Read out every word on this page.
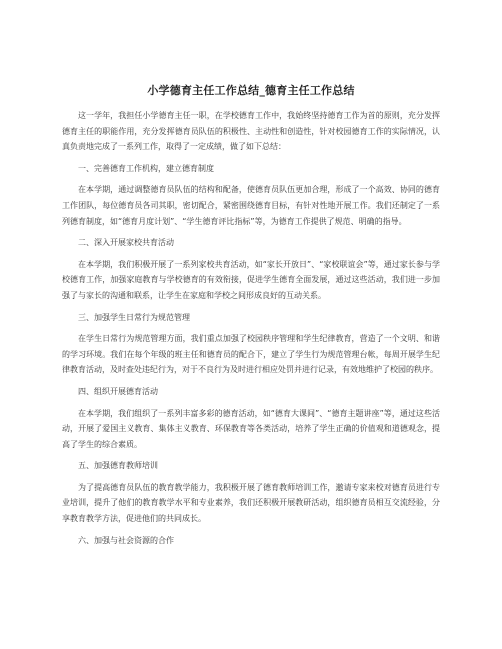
小学德育主任工作总结_德育主任工作总结

这一学年，我担任小学德育主任一职，在学校德育工作中，我始终坚持德育工作为首的原则，充分发挥德育主任的职能作用，充分发挥德育员队伍的积极性、主动性和创造性，针对校园德育工作的实际情况，认真负责地完成了一系列工作，取得了一定成绩，做了如下总结：

一、完善德育工作机构，建立德育制度

在本学期，通过调整德育员队伍的结构和配备，使德育员队伍更加合理，形成了一个高效、协同的德育工作团队，每位德育员各司其职，密切配合，紧密围绕德育目标，有针对性地开展工作。我们还制定了一系列德育制度，如“德育月度计划”、“学生德育评比指标”等，为德育工作提供了规范、明确的指导。

二、深入开展家校共育活动

在本学期，我们积极开展了一系列家校共育活动，如“家长开放日”、“家校联谊会”等，通过家长参与学校德育工作，加强家庭教育与学校德育的有效衔接，促进学生德育全面发展，通过这些活动，我们进一步加强了与家长的沟通和联系，让学生在家庭和学校之间形成良好的互动关系。

三、加强学生日常行为规范管理

在学生日常行为规范管理方面，我们重点加强了校园秩序管理和学生纪律教育，营造了一个文明、和谐的学习环境。我们在每个年级的班主任和德育员的配合下，建立了学生行为规范管理台帐，每周开展学生纪律教育活动，及时查处违纪行为，对于不良行为及时进行相应处罚并进行记录，有效地维护了校园的秩序。

四、组织开展德育活动

在本学期，我们组织了一系列丰富多彩的德育活动，如“德育大课间”、“德育主题讲座”等，通过这些活动，开展了爱国主义教育、集体主义教育、环保教育等各类活动，培养了学生正确的价值观和道德观念，提高了学生的综合素质。

五、加强德育教师培训

为了提高德育员队伍的教育教学能力，我积极开展了德育教师培训工作，邀请专家来校对德育员进行专业培训，提升了他们的教育教学水平和专业素养，我们还积极开展教研活动，组织德育员相互交流经验，分享教育教学方法，促进他们的共同成长。

六、加强与社会资源的合作
